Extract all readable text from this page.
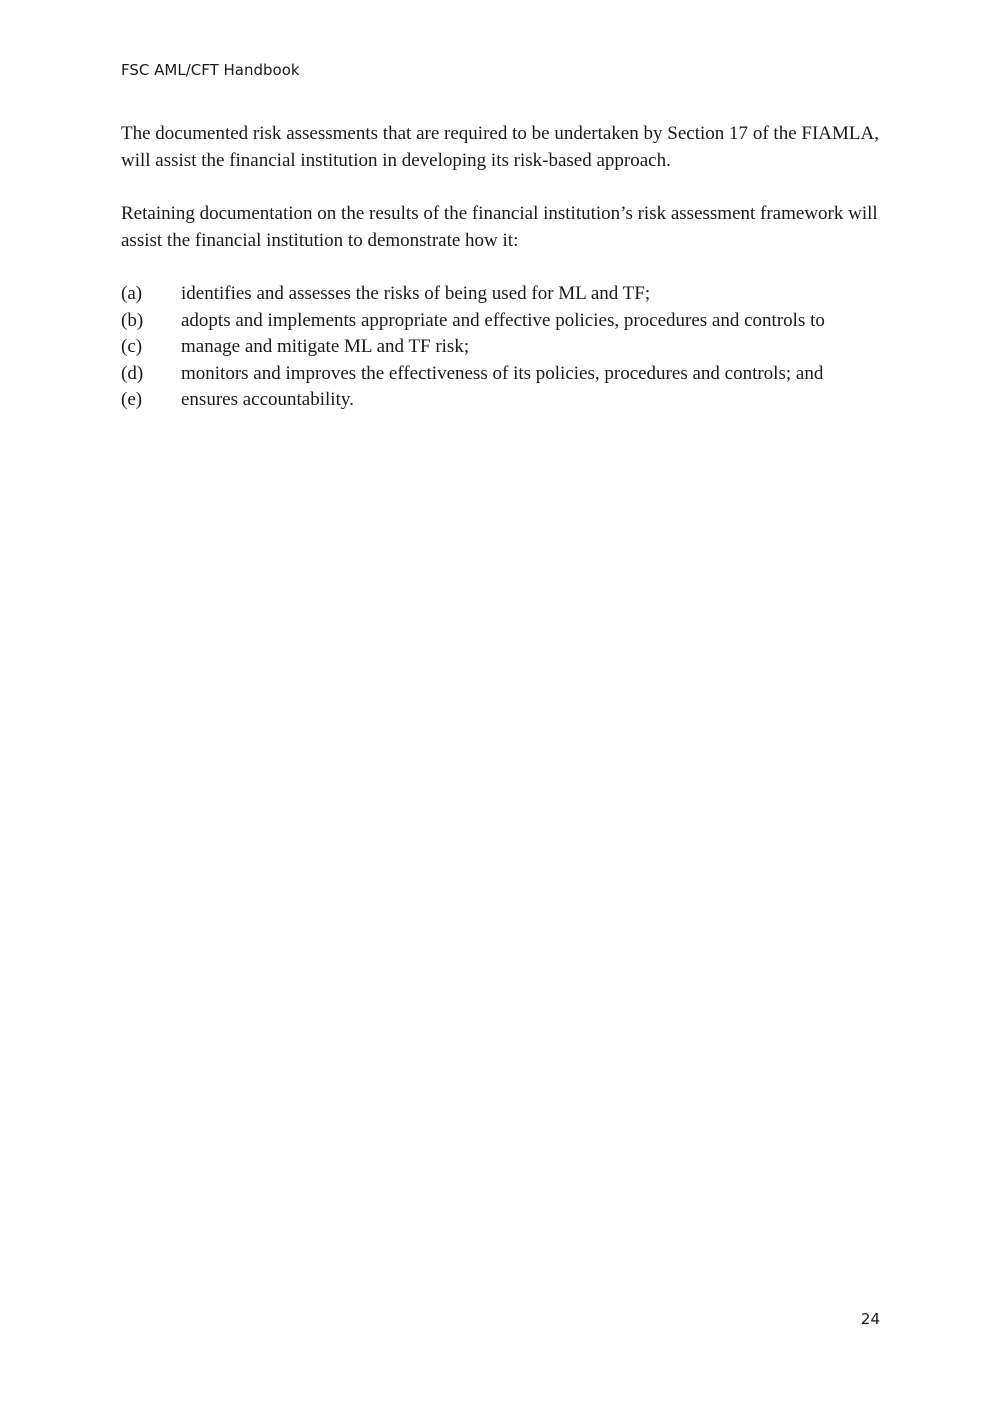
FSC AML/CFT Handbook

The documented risk assessments that are required to be undertaken by Section 17 of the FIAMLA, will assist the financial institution in developing its risk-based approach.

Retaining documentation on the results of the financial institution’s risk assessment framework will assist the financial institution to demonstrate how it:

(a)	identifies and assesses the risks of being used for ML and TF;
(b)	adopts and implements appropriate and effective policies, procedures and controls to
(c)	manage and mitigate ML and TF risk;
(d)	monitors and improves the effectiveness of its policies, procedures and controls; and
(e)	ensures accountability.
24
